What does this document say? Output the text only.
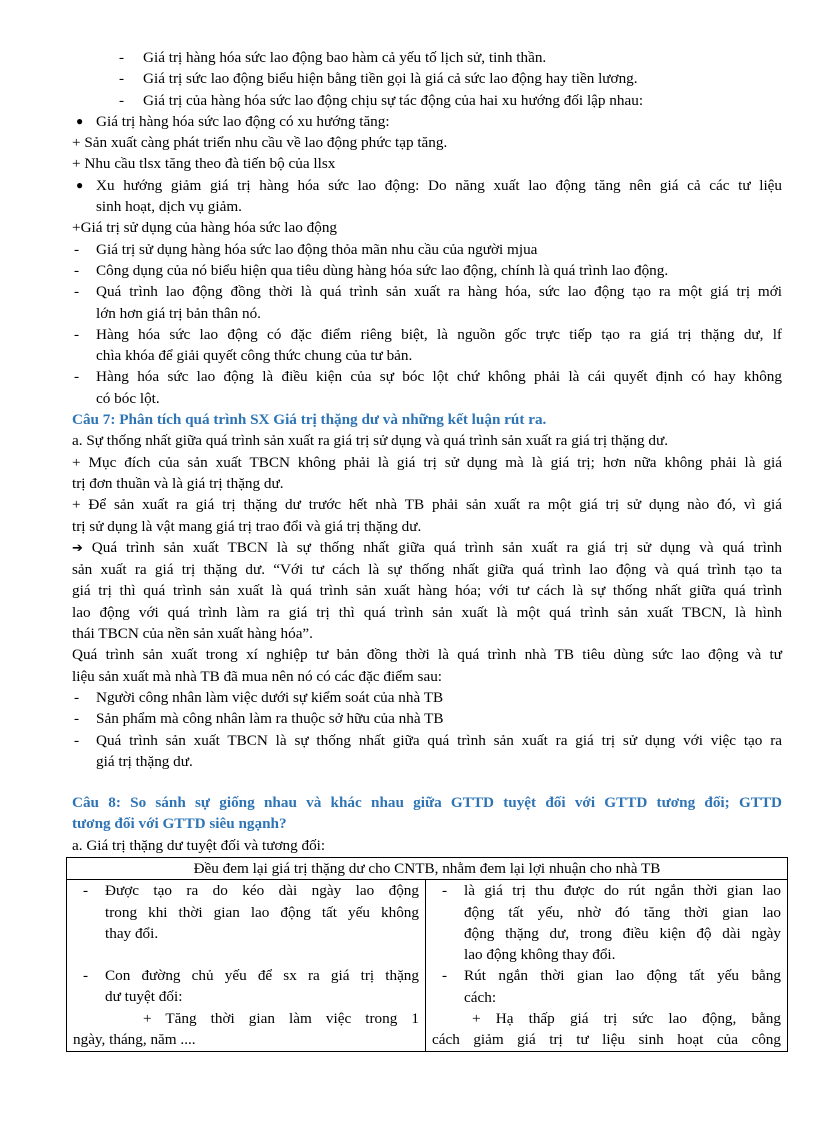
- Giá trị hàng hóa sức lao động bao hàm cả yếu tố lịch sử, tinh thần.
- Giá trị sức lao động biểu hiện bằng tiền gọi là giá cả sức lao động hay tiền lương.
- Giá trị của hàng hóa sức lao động chịu sự tác động của hai xu hướng đối lập nhau:
● Giá trị hàng hóa sức lao động có xu hướng tăng:
+ Sản xuất càng phát triển nhu cầu về lao động phức tạp tăng.
+ Nhu cầu tlsx tăng theo đà tiến bộ của llsx
● Xu hướng giảm giá trị hàng hóa sức lao động: Do năng xuất lao động tăng nên giá cả các tư liệu
sinh hoạt, dịch vụ giảm.
+Giá trị sử dụng của hàng hóa sức lao động
- Giá trị sử dụng hàng hóa sức lao động thỏa mãn nhu cầu của người mjua
- Công dụng của nó biểu hiện qua tiêu dùng hàng hóa sức lao động, chính là quá trình lao động.
- Quá trình lao động đồng thời là quá trình sản xuất ra hàng hóa, sức lao động tạo ra một giá trị mới
lớn hơn giá trị bản thân nó.
- Hàng hóa sức lao động có đặc điểm riêng biệt, là nguồn gốc trực tiếp tạo ra giá trị thặng dư, lf
chìa khóa để giải quyết công thức chung của tư bản.
- Hàng hóa sức lao động là điều kiện của sự bóc lột chứ không phải là cái quyết định có hay không
có bóc lột.
Câu 7: Phân tích quá trình SX Giá trị thặng dư và những kết luận rút ra.
a. Sự thống nhất giữa quá trình sản xuất ra giá trị sử dụng và quá trình sản xuất ra giá trị thặng dư.
+ Mục đích của sản xuất TBCN không phải là giá trị sử dụng mà là giá trị; hơn nữa không phải là giá
trị đơn thuần và là giá trị thặng dư.
+ Để sản xuất ra giá trị thặng dư trước hết nhà TB phải sản xuất ra một giá trị sử dụng nào đó, vì giá
trị sử dụng là vật mang giá trị trao đổi và giá trị thặng dư.
➔ Quá trình sản xuất TBCN là sự thống nhất giữa quá trình sản xuất ra giá trị sử dụng và quá trình
sản xuất ra giá trị thặng dư. “Với tư cách là sự thống nhất giữa quá trình lao động và quá trình tạo ta
giá trị thì quá trình sản xuất là quá trình sản xuất hàng hóa; với tư cách là sự thống nhất giữa quá trình
lao động với quá trình làm ra giá trị thì quá trình sản xuất là một quá trình sản xuất TBCN, là hình
thái TBCN của nền sản xuất hàng hóa”.
Quá trình sản xuất trong xí nghiệp tư bản đồng thời là quá trình nhà TB tiêu dùng sức lao động và tư
liệu sản xuất mà nhà TB đã mua nên nó có các đặc điểm sau:
- Người công nhân làm việc dưới sự kiểm soát của nhà TB
- Sản phẩm mà công nhân làm ra thuộc sở hữu của nhà TB
- Quá trình sản xuất TBCN là sự thống nhất giữa quá trình sản xuất ra giá trị sử dụng với việc tạo ra
giá trị thặng dư.
Câu 8: So sánh sự giống nhau và khác nhau giữa GTTD tuyệt đối với GTTD tương đối; GTTD
tương đối với GTTD siêu ngạnh?
a. Giá trị thặng dư tuyệt đối và tương đối:
Đều đem lại giá trị thặng dư cho CNTB, nhằm đem lại lợi nhuận cho nhà TB

- Được tạo ra do kéo dài ngày lao động
trong khi thời gian lao động tất yếu không
thay đổi.
- Con đường chủ yếu để sx ra giá trị thặng
dư tuyệt đối:
+ Tăng thời gian làm việc trong 1
ngày, tháng, năm ....

- là giá trị thu được do rút ngắn thời gian lao
động tất yếu, nhờ đó tăng thời gian lao
động thặng dư, trong điều kiện độ dài ngày
lao động không thay đổi.
- Rút ngắn thời gian lao động tất yếu bằng
cách:
+ Hạ thấp giá trị sức lao động, bằng
cách giảm giá trị tư liệu sinh hoạt của công
